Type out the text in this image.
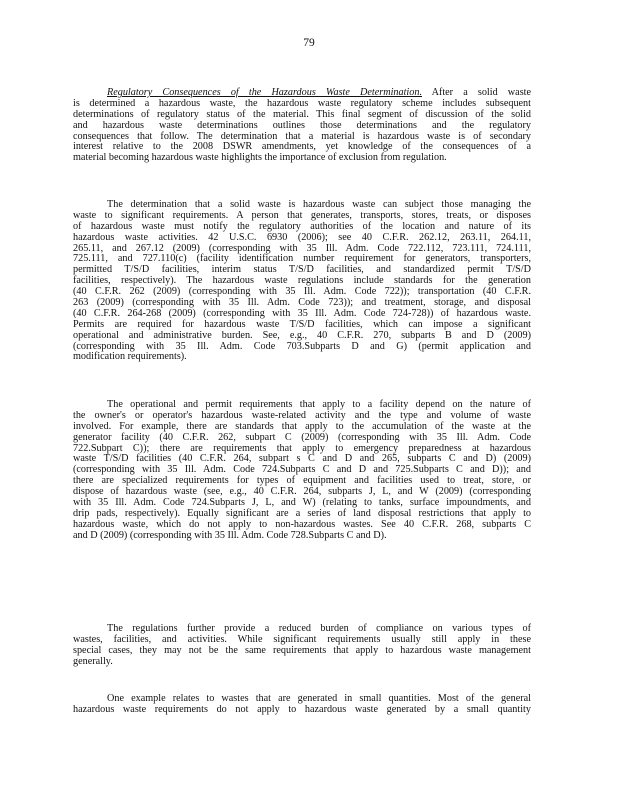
79
Regulatory Consequences of the Hazardous Waste Determination. After a solid waste
is determined a hazardous waste, the hazardous waste regulatory scheme includes subsequent
determinations of regulatory status of the material. This final segment of discussion of the solid
and hazardous waste determinations outlines those determinations and the regulatory
consequences that follow. The determination that a material is hazardous waste is of secondary
interest relative to the 2008 DSWR amendments, yet knowledge of the consequences of a
material becoming hazardous waste highlights the importance of exclusion from regulation.
The determination that a solid waste is hazardous waste can subject those managing the
waste to significant requirements. A person that generates, transports, stores, treats, or disposes
of hazardous waste must notify the regulatory authorities of the location and nature of its
hazardous waste activities. 42 U.S.C. 6930 (2006); see 40 C.F.R. 262.12, 263.11, 264.11,
265.11, and 267.12 (2009) (corresponding with 35 Ill. Adm. Code 722.112, 723.111, 724.111,
725.111, and 727.110(c) (facility identification number requirement for generators, transporters,
permitted T/S/D facilities, interim status T/S/D facilities, and standardized permit T/S/D
facilities, respectively). The hazardous waste regulations include standards for the generation
(40 C.F.R. 262 (2009) (corresponding with 35 Ill. Adm. Code 722)); transportation (40 C.F.R.
263 (2009) (corresponding with 35 Ill. Adm. Code 723)); and treatment, storage, and disposal
(40 C.F.R. 264-268 (2009) (corresponding with 35 Ill. Adm. Code 724-728)) of hazardous waste.
Permits are required for hazardous waste T/S/D facilities, which can impose a significant
operational and administrative burden. See, e.g., 40 C.F.R. 270, subparts B and D (2009)
(corresponding with 35 Ill. Adm. Code 703.Subparts D and G) (permit application and
modification requirements).
The operational and permit requirements that apply to a facility depend on the nature of
the owner's or operator's hazardous waste-related activity and the type and volume of waste
involved. For example, there are standards that apply to the accumulation of the waste at the
generator facility (40 C.F.R. 262, subpart C (2009) (corresponding with 35 Ill. Adm. Code
722.Subpart C)); there are requirements that apply to emergency preparedness at hazardous
waste T/S/D facilities (40 C.F.R. 264, subpart s C and D and 265, subparts C and D) (2009)
(corresponding with 35 Ill. Adm. Code 724.Subparts C and D and 725.Subparts C and D)); and
there are specialized requirements for types of equipment and facilities used to treat, store, or
dispose of hazardous waste (see, e.g., 40 C.F.R. 264, subparts J, L, and W (2009) (corresponding
with 35 Ill. Adm. Code 724.Subparts J, L, and W) (relating to tanks, surface impoundments, and
drip pads, respectively). Equally significant are a series of land disposal restrictions that apply to
hazardous waste, which do not apply to non-hazardous wastes. See 40 C.F.R. 268, subparts C
and D (2009) (corresponding with 35 Ill. Adm. Code 728.Subparts C and D).
The regulations further provide a reduced burden of compliance on various types of
wastes, facilities, and activities. While significant requirements usually still apply in these
special cases, they may not be the same requirements that apply to hazardous waste management
generally.
One example relates to wastes that are generated in small quantities. Most of the general
hazardous waste requirements do not apply to hazardous waste generated by a small quantity
